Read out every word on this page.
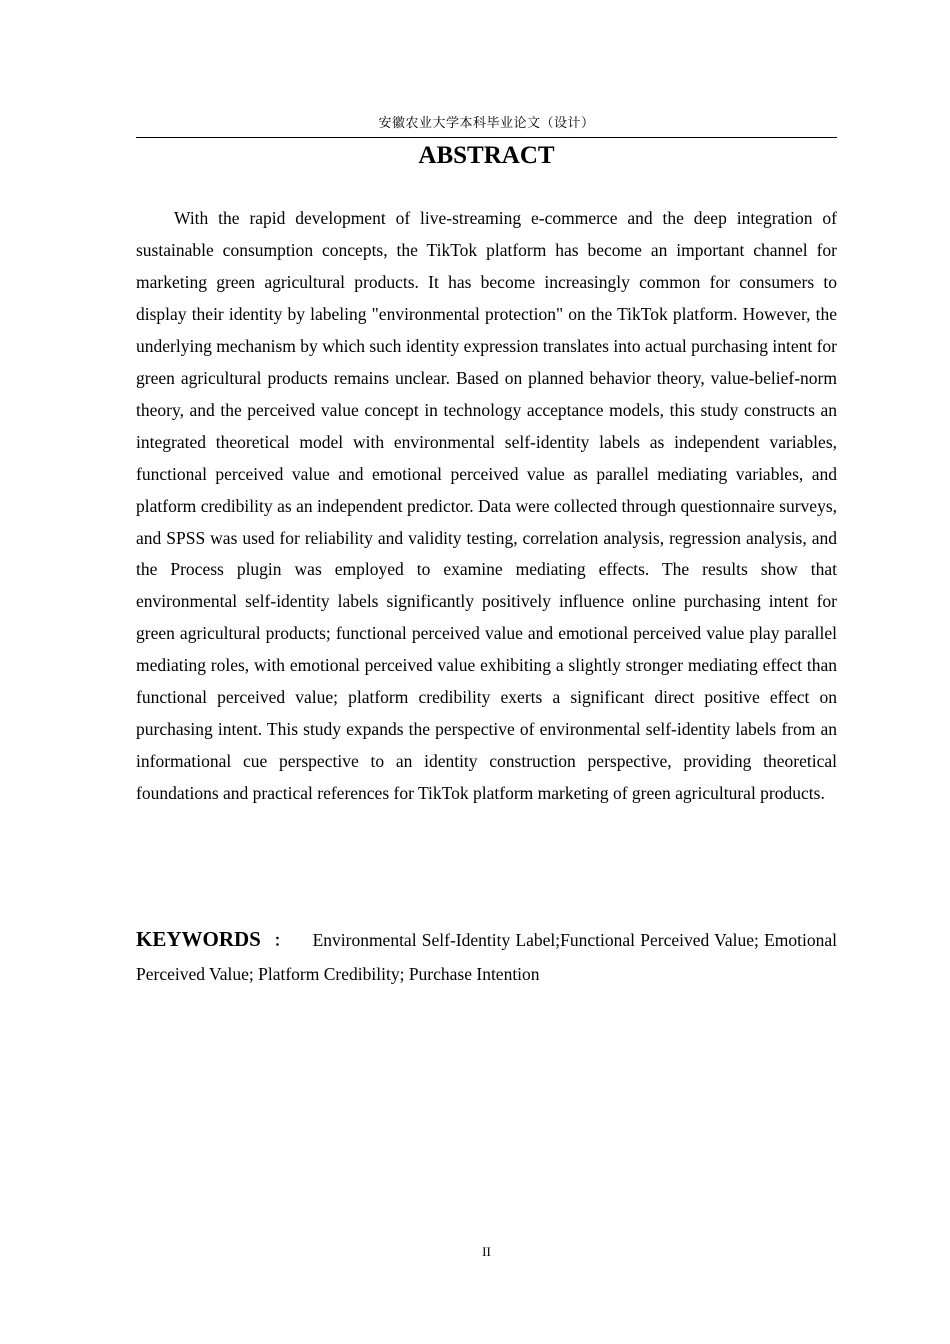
安徽农业大学本科毕业论文（设计）
ABSTRACT

With the rapid development of live-streaming e-commerce and the deep integration of sustainable consumption concepts, the TikTok platform has become an important channel for marketing green agricultural products. It has become increasingly common for consumers to display their identity by labeling "environmental protection" on the TikTok platform. However, the underlying mechanism by which such identity expression translates into actual purchasing intent for green agricultural products remains unclear. Based on planned behavior theory, value-belief-norm theory, and the perceived value concept in technology acceptance models, this study constructs an integrated theoretical model with environmental self-identity labels as independent variables, functional perceived value and emotional perceived value as parallel mediating variables, and platform credibility as an independent predictor. Data were collected through questionnaire surveys, and SPSS was used for reliability and validity testing, correlation analysis, regression analysis, and the Process plugin was employed to examine mediating effects. The results show that environmental self-identity labels significantly positively influence online purchasing intent for green agricultural products; functional perceived value and emotional perceived value play parallel mediating roles, with emotional perceived value exhibiting a slightly stronger mediating effect than functional perceived value; platform credibility exerts a significant direct positive effect on purchasing intent. This study expands the perspective of environmental self-identity labels from an informational cue perspective to an identity construction perspective, providing theoretical foundations and practical references for TikTok platform marketing of green agricultural products.

KEYWORDS ： Environmental Self-Identity Label;Functional Perceived Value; Emotional Perceived Value; Platform Credibility; Purchase Intention

II
